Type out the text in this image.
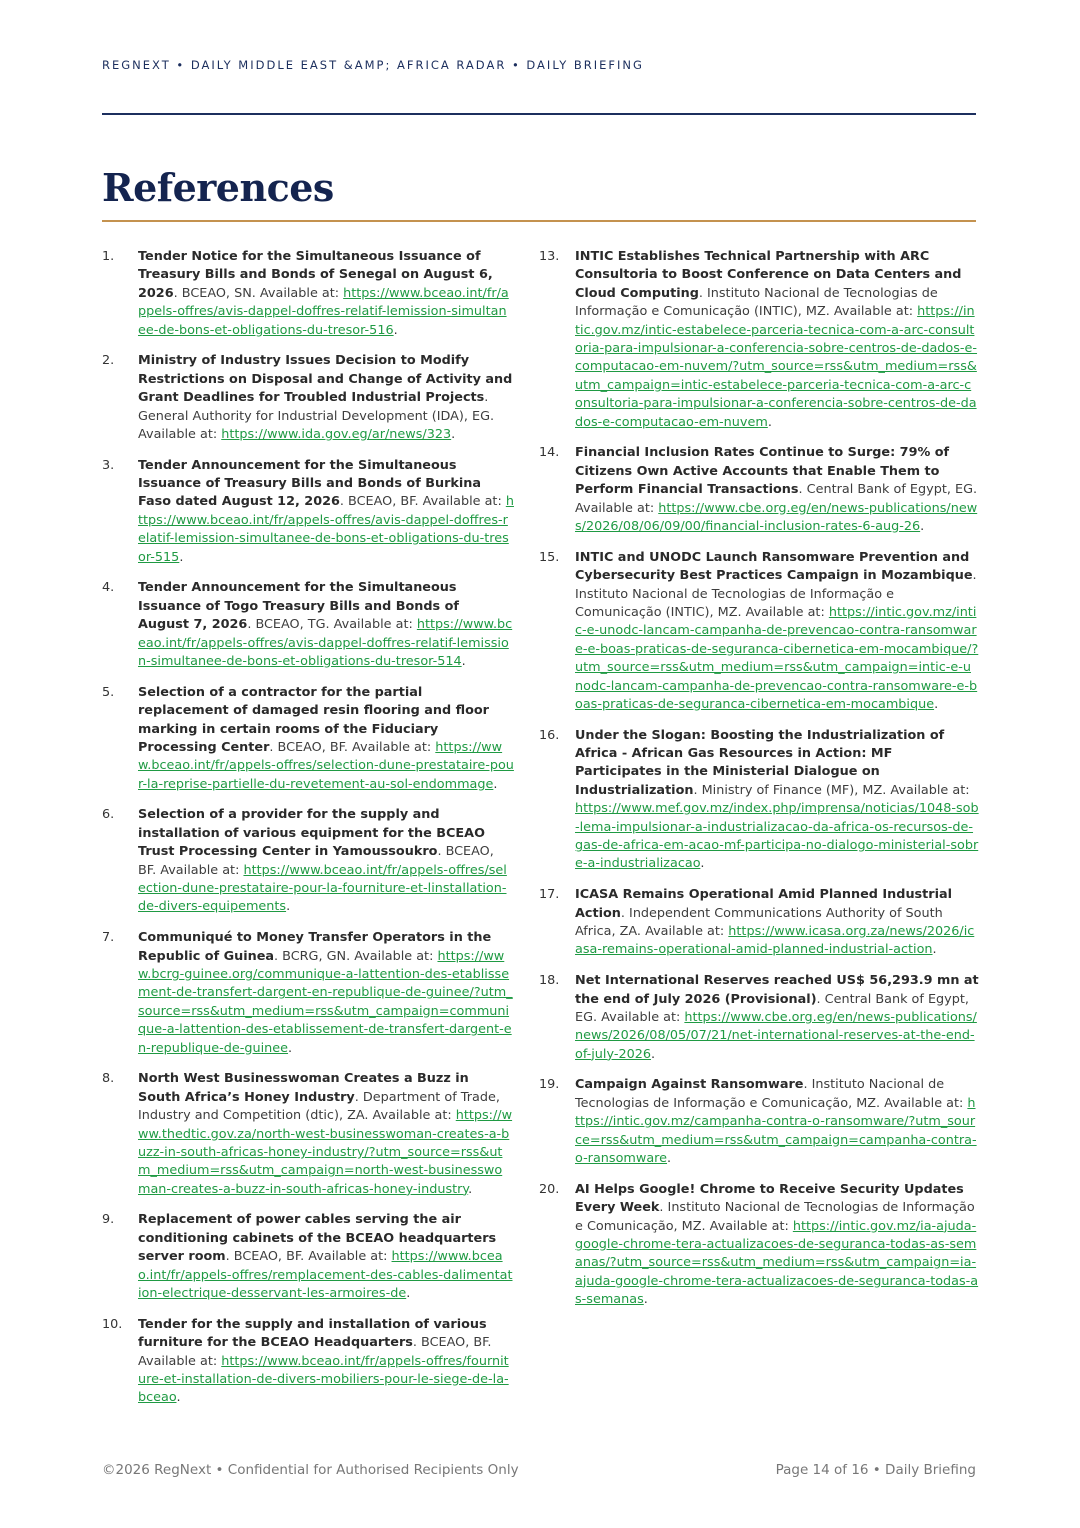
REGNEXT • DAILY MIDDLE EAST &AMP; AFRICA RADAR • DAILY BRIEFING
References
1. Tender Notice for the Simultaneous Issuance of Treasury Bills and Bonds of Senegal on August 6, 2026. BCEAO, SN. Available at: https://www.bceao.int/fr/appels-offres/avis-dappel-doffres-relatif-lemission-simultanee-de-bons-et-obligations-du-tresor-516.
2. Ministry of Industry Issues Decision to Modify Restrictions on Disposal and Change of Activity and Grant Deadlines for Troubled Industrial Projects. General Authority for Industrial Development (IDA), EG. Available at: https://www.ida.gov.eg/ar/news/323.
3. Tender Announcement for the Simultaneous Issuance of Treasury Bills and Bonds of Burkina Faso dated August 12, 2026. BCEAO, BF. Available at: https://www.bceao.int/fr/appels-offres/avis-dappel-doffres-relatif-lemission-simultanee-de-bons-et-obligations-du-tresor-515.
4. Tender Announcement for the Simultaneous Issuance of Togo Treasury Bills and Bonds of August 7, 2026. BCEAO, TG. Available at: https://www.bceao.int/fr/appels-offres/avis-dappel-doffres-relatif-lemission-simultanee-de-bons-et-obligations-du-tresor-514.
5. Selection of a contractor for the partial replacement of damaged resin flooring and floor marking in certain rooms of the Fiduciary Processing Center. BCEAO, BF. Available at: https://www.bceao.int/fr/appels-offres/selection-dune-prestataire-pour-la-reprise-partielle-du-revetement-au-sol-endommage.
6. Selection of a provider for the supply and installation of various equipment for the BCEAO Trust Processing Center in Yamoussoukro. BCEAO, BF. Available at: https://www.bceao.int/fr/appels-offres/selection-dune-prestataire-pour-la-fourniture-et-linstallation-de-divers-equipements.
7. Communiqué to Money Transfer Operators in the Republic of Guinea. BCRG, GN. Available at: https://www.bcrg-guinee.org/communique-a-lattention-des-etablissement-de-transfert-dargent-en-republique-de-guinee/?utm_source=rss&utm_medium=rss&utm_campaign=communique-a-lattention-des-etablissement-de-transfert-dargent-en-republique-de-guinee.
8. North West Businesswoman Creates a Buzz in South Africa’s Honey Industry. Department of Trade, Industry and Competition (dtic), ZA. Available at: https://www.thedtic.gov.za/north-west-businesswoman-creates-a-buzz-in-south-africas-honey-industry/?utm_source=rss&utm_medium=rss&utm_campaign=north-west-businesswoman-creates-a-buzz-in-south-africas-honey-industry.
9. Replacement of power cables serving the air conditioning cabinets of the BCEAO headquarters server room. BCEAO, BF. Available at: https://www.bceao.int/fr/appels-offres/remplacement-des-cables-dalimentation-electrique-desservant-les-armoires-de.
10. Tender for the supply and installation of various furniture for the BCEAO Headquarters. BCEAO, BF. Available at: https://www.bceao.int/fr/appels-offres/fourniture-et-installation-de-divers-mobiliers-pour-le-siege-de-la-bceao.
13. INTIC Establishes Technical Partnership with ARC Consultoria to Boost Conference on Data Centers and Cloud Computing. Instituto Nacional de Tecnologias de Informação e Comunicação (INTIC), MZ. Available at: https://intic.gov.mz/intic-estabelece-parceria-tecnica-com-a-arc-consultoria-para-impulsionar-a-conferencia-sobre-centros-de-dados-e-computacao-em-nuvem/?utm_source=rss&utm_medium=rss&utm_campaign=intic-estabelece-parceria-tecnica-com-a-arc-consultoria-para-impulsionar-a-conferencia-sobre-centros-de-dados-e-computacao-em-nuvem.
14. Financial Inclusion Rates Continue to Surge: 79% of Citizens Own Active Accounts that Enable Them to Perform Financial Transactions. Central Bank of Egypt, EG. Available at: https://www.cbe.org.eg/en/news-publications/news/2026/08/06/09/00/financial-inclusion-rates-6-aug-26.
15. INTIC and UNODC Launch Ransomware Prevention and Cybersecurity Best Practices Campaign in Mozambique. Instituto Nacional de Tecnologias de Informação e Comunicação (INTIC), MZ. Available at: https://intic.gov.mz/intic-e-unodc-lancam-campanha-de-prevencao-contra-ransomware-e-boas-praticas-de-seguranca-cibernetica-em-mocambique/?utm_source=rss&utm_medium=rss&utm_campaign=intic-e-unodc-lancam-campanha-de-prevencao-contra-ransomware-e-boas-praticas-de-seguranca-cibernetica-em-mocambique.
16. Under the Slogan: Boosting the Industrialization of Africa - African Gas Resources in Action: MF Participates in the Ministerial Dialogue on Industrialization. Ministry of Finance (MF), MZ. Available at: https://www.mef.gov.mz/index.php/imprensa/noticias/1048-sob-lema-impulsionar-a-industrializacao-da-africa-os-recursos-de-gas-de-africa-em-acao-mf-participa-no-dialogo-ministerial-sobre-a-industrializacao.
17. ICASA Remains Operational Amid Planned Industrial Action. Independent Communications Authority of South Africa, ZA. Available at: https://www.icasa.org.za/news/2026/icasa-remains-operational-amid-planned-industrial-action.
18. Net International Reserves reached US$ 56,293.9 mn at the end of July 2026 (Provisional). Central Bank of Egypt, EG. Available at: https://www.cbe.org.eg/en/news-publications/news/2026/08/05/07/21/net-international-reserves-at-the-end-of-july-2026.
19. Campaign Against Ransomware. Instituto Nacional de Tecnologias de Informação e Comunicação, MZ. Available at: https://intic.gov.mz/campanha-contra-o-ransomware/?utm_source=rss&utm_medium=rss&utm_campaign=campanha-contra-o-ransomware.
20. AI Helps Google! Chrome to Receive Security Updates Every Week. Instituto Nacional de Tecnologias de Informação e Comunicação, MZ. Available at: https://intic.gov.mz/ia-ajuda-google-chrome-tera-actualizacoes-de-seguranca-todas-as-semanas/?utm_source=rss&utm_medium=rss&utm_campaign=ia-ajuda-google-chrome-tera-actualizacoes-de-seguranca-todas-as-semanas.
©2026 RegNext • Confidential for Authorised Recipients Only	Page 14 of 16 • Daily Briefing
